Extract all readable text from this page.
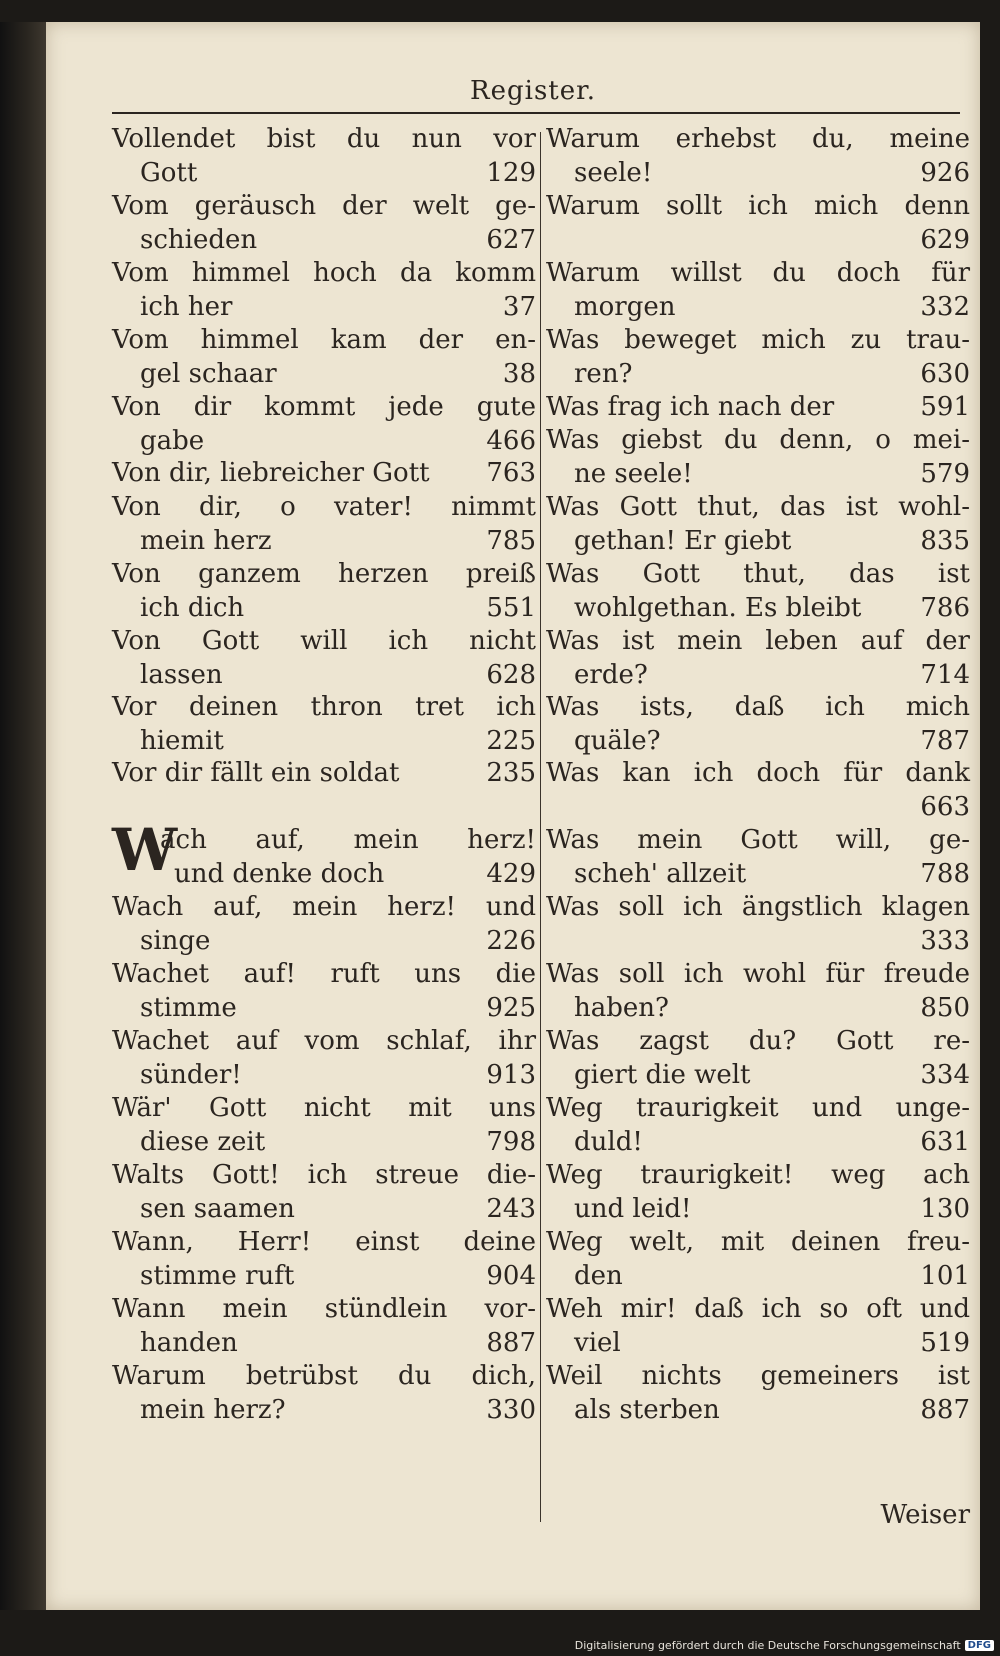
Register.
Vollendet bist du nun vor
Gott	129
Vom geräusch der welt ge-
schieden	627
Vom himmel hoch da komm
ich her	37
Vom himmel kam der en-
gel schaar	38
Von dir kommt jede gute
gabe	466
Von dir, liebreicher Gott 763
Von dir, o vater! nimmt
mein herz	785
Von ganzem herzen preiß
ich dich	551
Von Gott will ich nicht
lassen	628
Vor deinen thron tret ich
hiemit	225
Vor dir fällt ein soldat	235
W
ach auf, mein herz!
und denke doch	429
Wach auf, mein herz! und
singe	226
Wachet auf! ruft uns die
stimme	925
Wachet auf vom schlaf, ihr
sünder!	913
Wär' Gott nicht mit uns
diese zeit	798
Walts Gott! ich streue die-
sen saamen	243
Wann, Herr! einst deine
stimme ruft	904
Wann mein stündlein vor-
handen	887
Warum betrübst du dich,
mein herz?	330
Warum erhebst du, meine
seele!	926
Warum sollt ich mich denn
629
Warum willst du doch für
morgen	332
Was beweget mich zu trau-
ren?	630
Was frag ich nach der	591
Was giebst du denn, o mei-
ne seele!	579
Was Gott thut, das ist wohl-
gethan! Er giebt	835
Was Gott thut, das ist
wohlgethan. Es bleibt 786
Was ist mein leben auf der
erde?	714
Was ists, daß ich mich
quäle?	787
Was kan ich doch für dank
663
Was mein Gott will, ge-
scheh' allzeit	788
Was soll ich ängstlich klagen
333
Was soll ich wohl für freude
haben?	850
Was zagst du? Gott re-
giert die welt	334
Weg traurigkeit und unge-
duld!	631
Weg traurigkeit! weg ach
und leid!	130
Weg welt, mit deinen freu-
den	101
Weh mir! daß ich so oft und
viel	519
Weil nichts gemeiners ist
als sterben	887
Weiser
Digitalisierung gefördert durch die Deutsche Forschungsgemeinschaft DFG
